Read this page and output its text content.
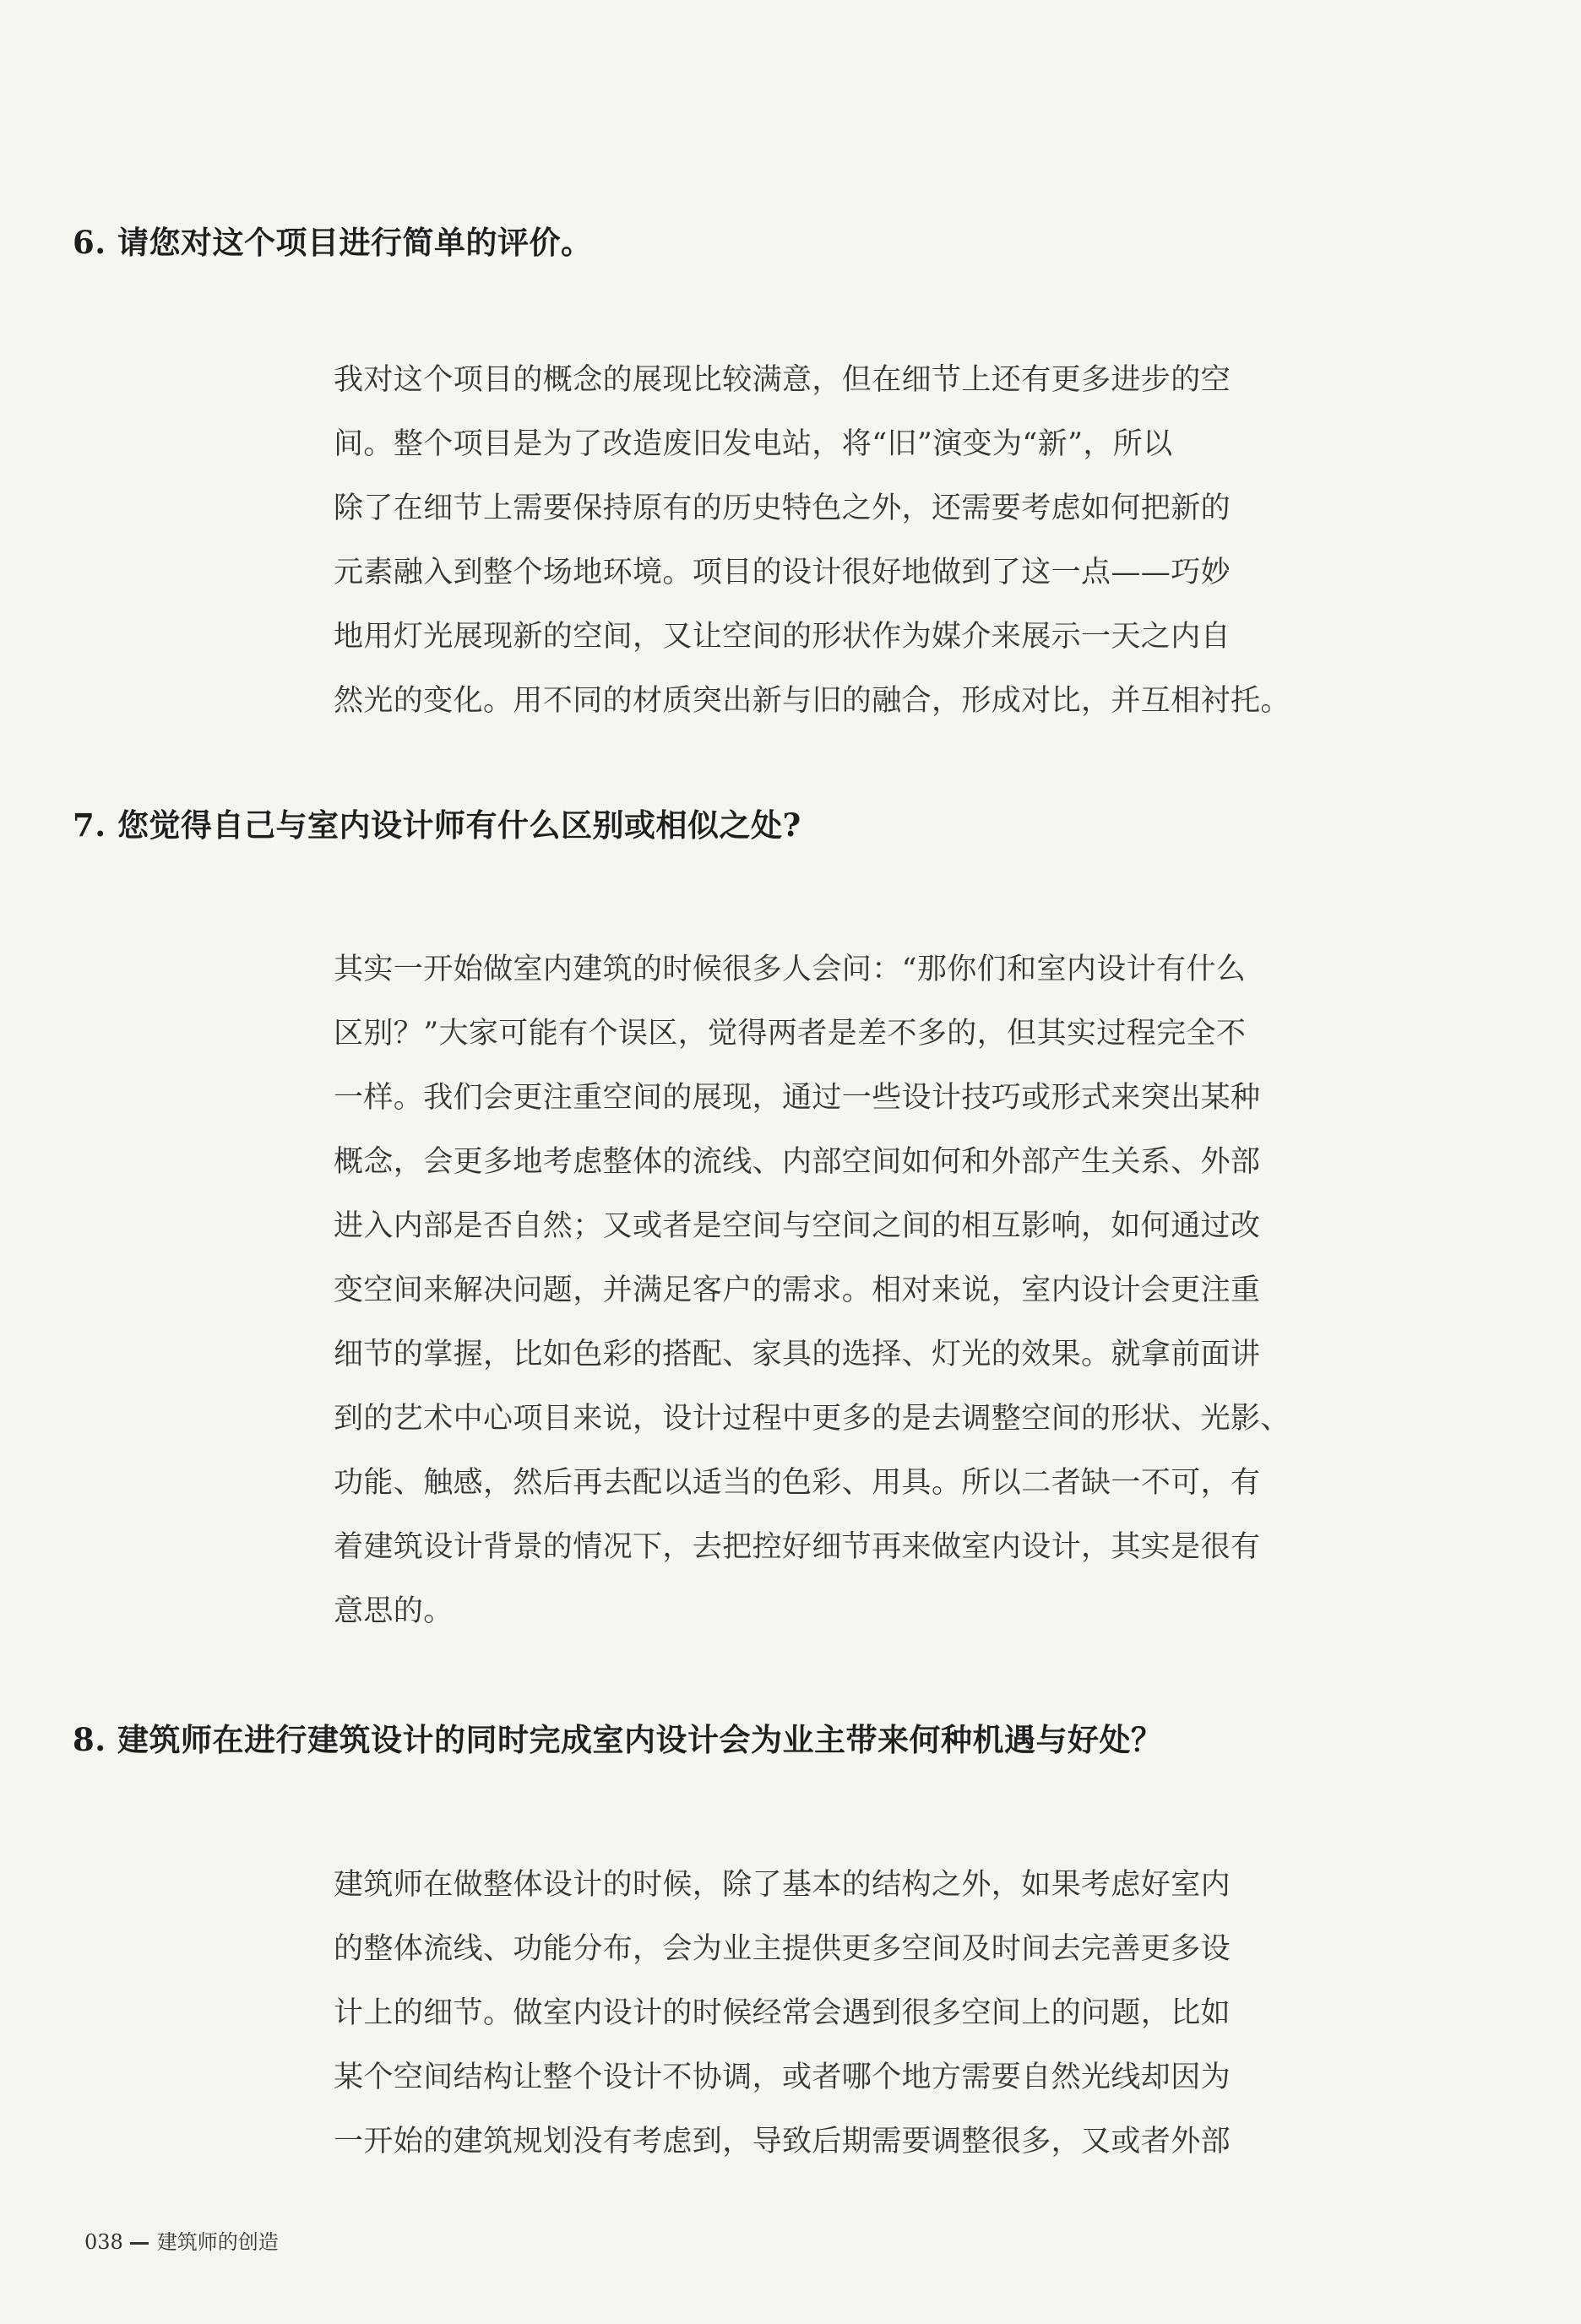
6. 请您对这个项目进行简单的评价。
我对这个项目的概念的展现比较满意，但在细节上还有更多进步的空
间。整个项目是为了改造废旧发电站，将“旧”演变为“新”，所以
除了在细节上需要保持原有的历史特色之外，还需要考虑如何把新的
元素融入到整个场地环境。项目的设计很好地做到了这一点——巧妙
地用灯光展现新的空间，又让空间的形状作为媒介来展示一天之内自
然光的变化。用不同的材质突出新与旧的融合，形成对比，并互相衬托。
7. 您觉得自己与室内设计师有什么区别或相似之处?
其实一开始做室内建筑的时候很多人会问：“那你们和室内设计有什么
区别？”大家可能有个误区，觉得两者是差不多的，但其实过程完全不
一样。我们会更注重空间的展现，通过一些设计技巧或形式来突出某种
概念，会更多地考虑整体的流线、内部空间如何和外部产生关系、外部
进入内部是否自然；又或者是空间与空间之间的相互影响，如何通过改
变空间来解决问题，并满足客户的需求。相对来说，室内设计会更注重
细节的掌握，比如色彩的搭配、家具的选择、灯光的效果。就拿前面讲
到的艺术中心项目来说，设计过程中更多的是去调整空间的形状、光影、
功能、触感，然后再去配以适当的色彩、用具。所以二者缺一不可，有
着建筑设计背景的情况下，去把控好细节再来做室内设计，其实是很有
意思的。
8. 建筑师在进行建筑设计的同时完成室内设计会为业主带来何种机遇与好处？
建筑师在做整体设计的时候，除了基本的结构之外，如果考虑好室内
的整体流线、功能分布，会为业主提供更多空间及时间去完善更多设
计上的细节。做室内设计的时候经常会遇到很多空间上的问题，比如
某个空间结构让整个设计不协调，或者哪个地方需要自然光线却因为
一开始的建筑规划没有考虑到，导致后期需要调整很多，又或者外部
038 建筑师的创造
